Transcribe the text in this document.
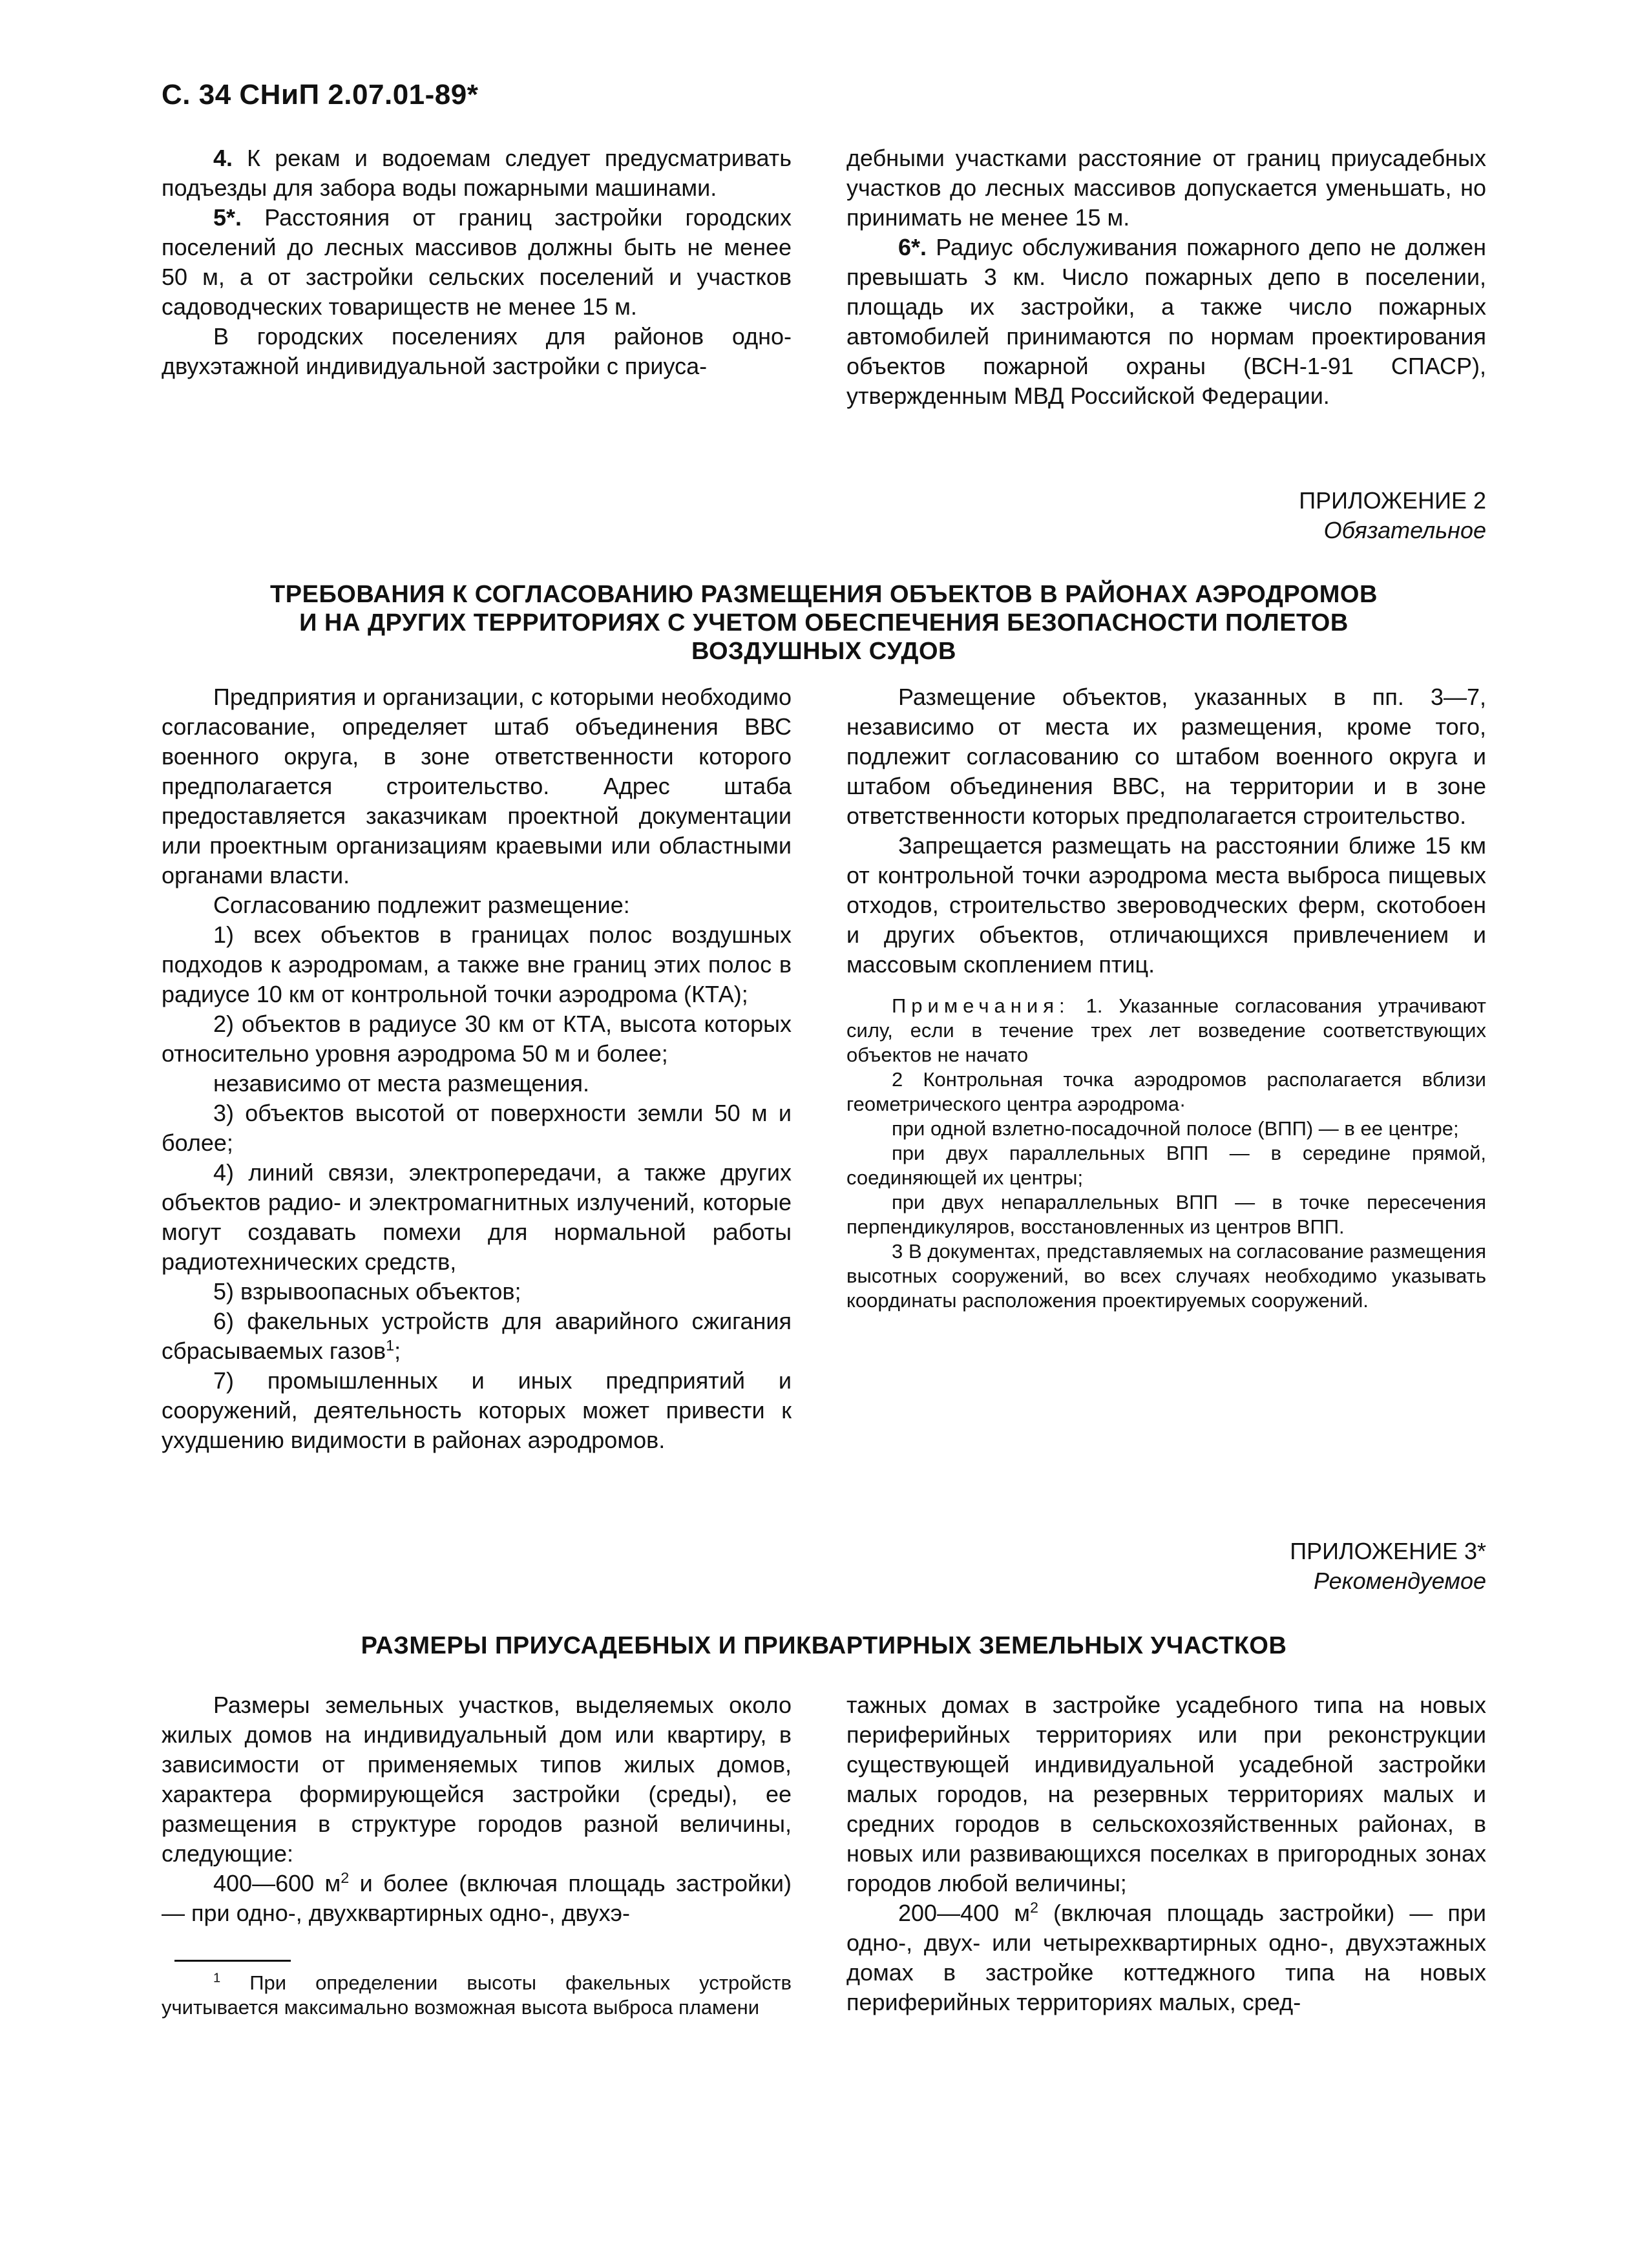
С. 34 СНиП 2.07.01-89*

4. К рекам и водоемам следует предусматривать подъезды для забора воды пожарными машинами.

5*. Расстояния от границ застройки городских поселений до лесных массивов должны быть не менее 50 м, а от застройки сельских поселений и участков садоводческих товариществ не менее 15 м.

В городских поселениях для районов одно-двухэтажной индивидуальной застройки с приуса-

дебными участками расстояние от границ приусадебных участков до лесных массивов допускается уменьшать, но принимать не менее 15 м.

6*. Радиус обслуживания пожарного депо не должен превышать 3 км. Число пожарных депо в поселении, площадь их застройки, а также число пожарных автомобилей принимаются по нормам проектирования объектов пожарной охраны (ВСН-1-91 СПАСР), утвержденным МВД Российской Федерации.

ПРИЛОЖЕНИЕ 2
Обязательное
ТРЕБОВАНИЯ К СОГЛАСОВАНИЮ РАЗМЕЩЕНИЯ ОБЪЕКТОВ В РАЙОНАХ АЭРОДРОМОВ
И НА ДРУГИХ ТЕРРИТОРИЯХ С УЧЕТОМ ОБЕСПЕЧЕНИЯ БЕЗОПАСНОСТИ ПОЛЕТОВ
ВОЗДУШНЫХ СУДОВ

Предприятия и организации, с которыми необходимо согласование, определяет штаб объединения ВВС военного округа, в зоне ответственности которого предполагается строительство. Адрес штаба предоставляется заказчикам проектной документации или проектным организациям краевыми или областными органами власти.

Согласованию подлежит размещение:

1) всех объектов в границах полос воздушных подходов к аэродромам, а также вне границ этих полос в радиусе 10 км от контрольной точки аэродрома (КТА);

2) объектов в радиусе 30 км от КТА, высота которых относительно уровня аэродрома 50 м и более;

независимо от места размещения.

3) объектов высотой от поверхности земли 50 м и более;

4) линий связи, электропередачи, а также других объектов радио- и электромагнитных излучений, которые могут создавать помехи для нормальной работы радиотехнических средств,

5) взрывоопасных объектов;

6) факельных устройств для аварийного сжигания сбрасываемых газов$^1$;

7) промышленных и иных предприятий и сооружений, деятельность которых может привести к ухудшению видимости в районах аэродромов.

Размещение объектов, указанных в пп. 3—7, независимо от места их размещения, кроме того, подлежит согласованию со штабом военного округа и штабом объединения ВВС, на территории и в зоне ответственности которых предполагается строительство.

Запрещается размещать на расстоянии ближе 15 км от контрольной точки аэродрома места выброса пищевых отходов, строительство звероводческих ферм, скотобоен и других объектов, отличающихся привлечением и массовым скоплением птиц.

Примечания: 1. Указанные согласования утрачивают силу, если в течение трех лет возведение соответствующих объектов не начато

2 Контрольная точка аэродромов располагается вблизи геометрического центра аэродрома·

при одной взлетно-посадочной полосе (ВПП) — в ее центре;

при двух параллельных ВПП — в середине прямой, соединяющей их центры;

при двух непараллельных ВПП — в точке пересечения перпендикуляров, восстановленных из центров ВПП.

3 В документах, представляемых на согласование размещения высотных сооружений, во всех случаях необходимо указывать координаты расположения проектируемых сооружений.

ПРИЛОЖЕНИЕ 3*
Рекомендуемое
РАЗМЕРЫ ПРИУСАДЕБНЫХ И ПРИКВАРТИРНЫХ ЗЕМЕЛЬНЫХ УЧАСТКОВ

Размеры земельных участков, выделяемых около жилых домов на индивидуальный дом или квартиру, в зависимости от применяемых типов жилых домов, характера формирующейся застройки (среды), ее размещения в структуре городов разной величины, следующие:

400—600 $м^2$ и более (включая площадь застройки) — при одно-, двухквартирных одно-, двухэ-

тажных домах в застройке усадебного типа на новых периферийных территориях или при реконструкции существующей индивидуальной усадебной застройки малых городов, на резервных территориях малых и средних городов в сельскохозяйственных районах, в новых или развивающихся поселках в пригородных зонах городов любой величины;

200—400 $м^2$ (включая площадь застройки) — при одно-, двух- или четырехквартирных одно-, двухэтажных домах в застройке коттеджного типа на новых периферийных территориях малых, сред-

$^1$ При определении высоты факельных устройств учитывается максимально возможная высота выброса пламени
